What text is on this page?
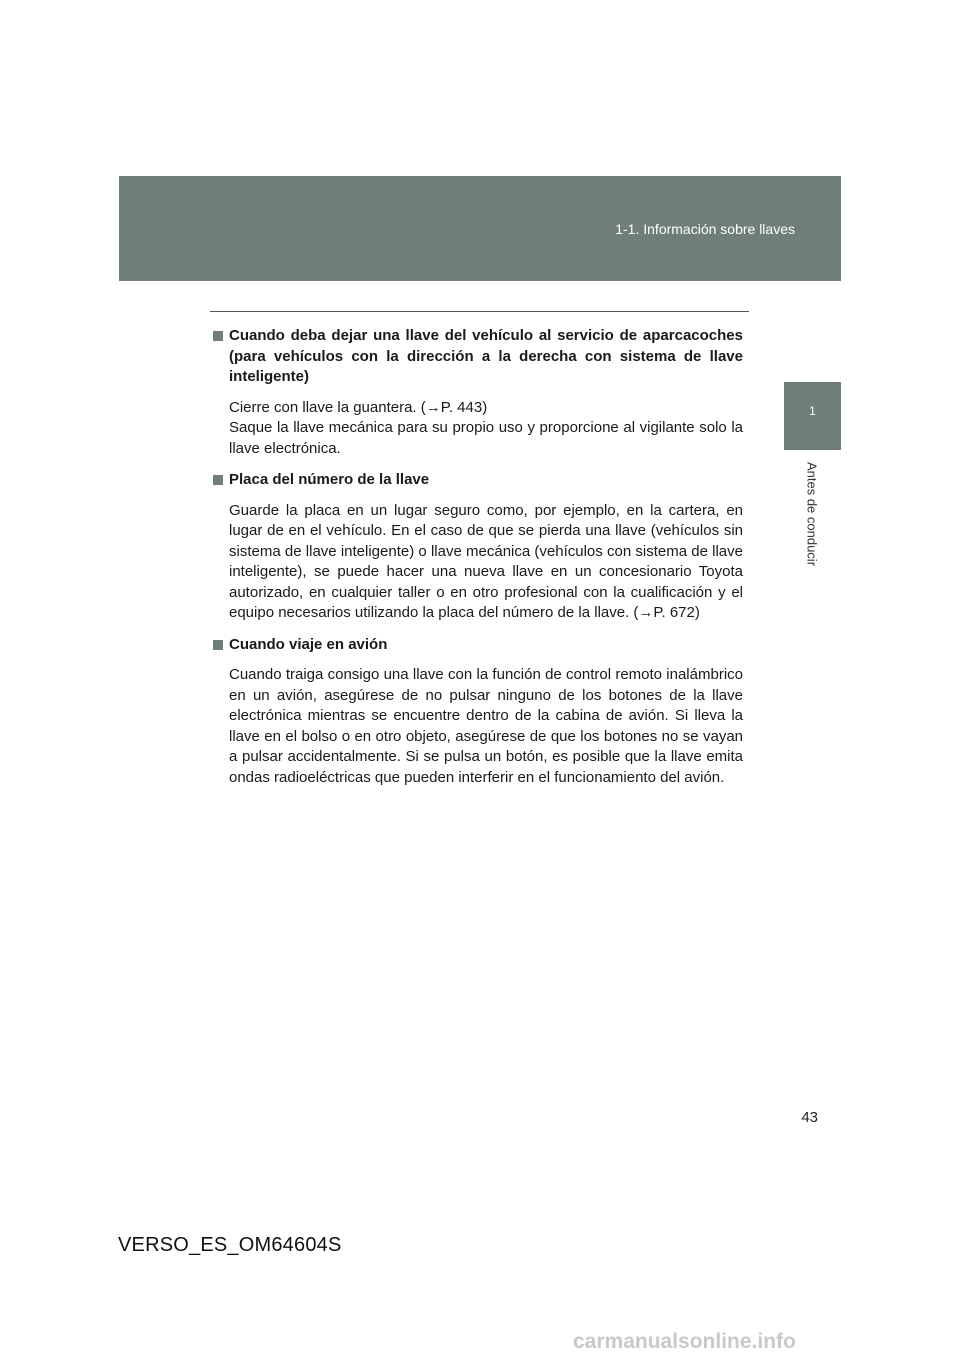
1-1. Información sobre llaves
1
Antes de conducir

Cuando deba dejar una llave del vehículo al servicio de aparcacoches (para vehículos con la dirección a la derecha con sistema de llave inteligente)

Cierre con llave la guantera. (→P. 443)

Saque la llave mecánica para su propio uso y proporcione al vigilante solo la llave electrónica.

Placa del número de la llave

Guarde la placa en un lugar seguro como, por ejemplo, en la cartera, en lugar de en el vehículo. En el caso de que se pierda una llave (vehículos sin sistema de llave inteligente) o llave mecánica (vehículos con sistema de llave inteligente), se puede hacer una nueva llave en un concesionario Toyota autorizado, en cualquier taller o en otro profesional con la cualificación y el equipo necesarios utilizando la placa del número de la llave. (→P. 672)

Cuando viaje en avión

Cuando traiga consigo una llave con la función de control remoto inalámbrico en un avión, asegúrese de no pulsar ninguno de los botones de la llave electrónica mientras se encuentre dentro de la cabina de avión. Si lleva la llave en el bolso o en otro objeto, asegúrese de que los botones no se vayan a pulsar accidentalmente. Si se pulsa un botón, es posible que la llave emita ondas radioeléctricas que pueden interferir en el funcionamiento del avión.

43
VERSO_ES_OM64604S
carmanualsonline.info
